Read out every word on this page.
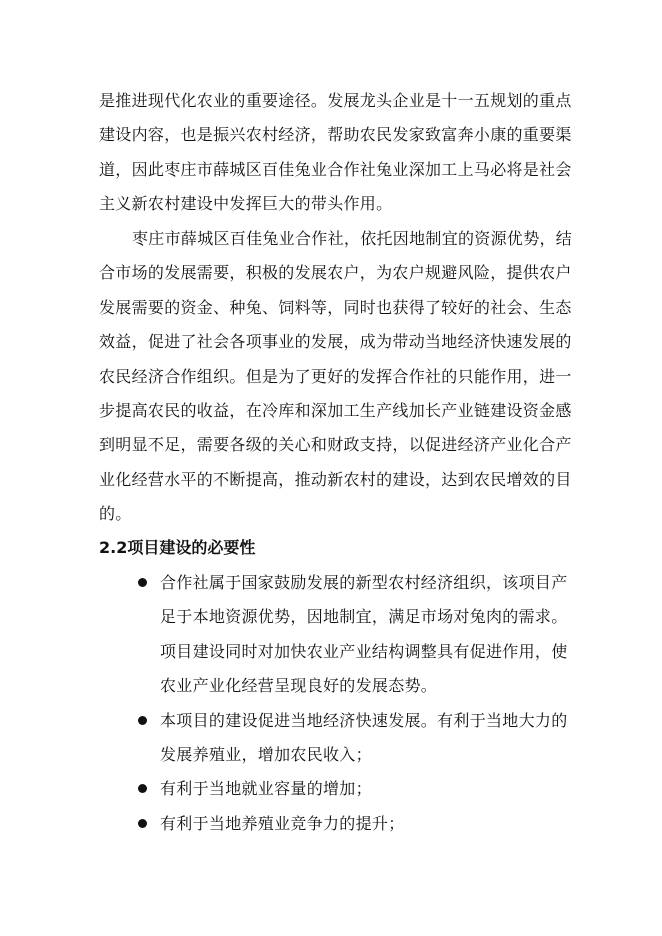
是推进现代化农业的重要途径。发展龙头企业是十一五规划的重点
建设内容，也是振兴农村经济，帮助农民发家致富奔小康的重要渠
道，因此枣庄市薛城区百佳兔业合作社兔业深加工上马必将是社会
主义新农村建设中发挥巨大的带头作用。

枣庄市薛城区百佳兔业合作社，依托因地制宜的资源优势，结
合市场的发展需要，积极的发展农户，为农户规避风险，提供农户
发展需要的资金、种兔、饲料等，同时也获得了较好的社会、生态
效益，促进了社会各项事业的发展，成为带动当地经济快速发展的
农民经济合作组织。但是为了更好的发挥合作社的只能作用，进一
步提高农民的收益，在冷库和深加工生产线加长产业链建设资金感
到明显不足，需要各级的关心和财政支持，以促进经济产业化合产
业化经营水平的不断提高，推动新农村的建设，达到农民增效的目
的。

2.2项目建设的必要性

合作社属于国家鼓励发展的新型农村经济组织，该项目产
足于本地资源优势，因地制宜，满足市场对兔肉的需求。
项目建设同时对加快农业产业结构调整具有促进作用，使
农业产业化经营呈现良好的发展态势。

本项目的建设促进当地经济快速发展。有利于当地大力的
发展养殖业，增加农民收入；

有利于当地就业容量的增加；

有利于当地养殖业竞争力的提升；
